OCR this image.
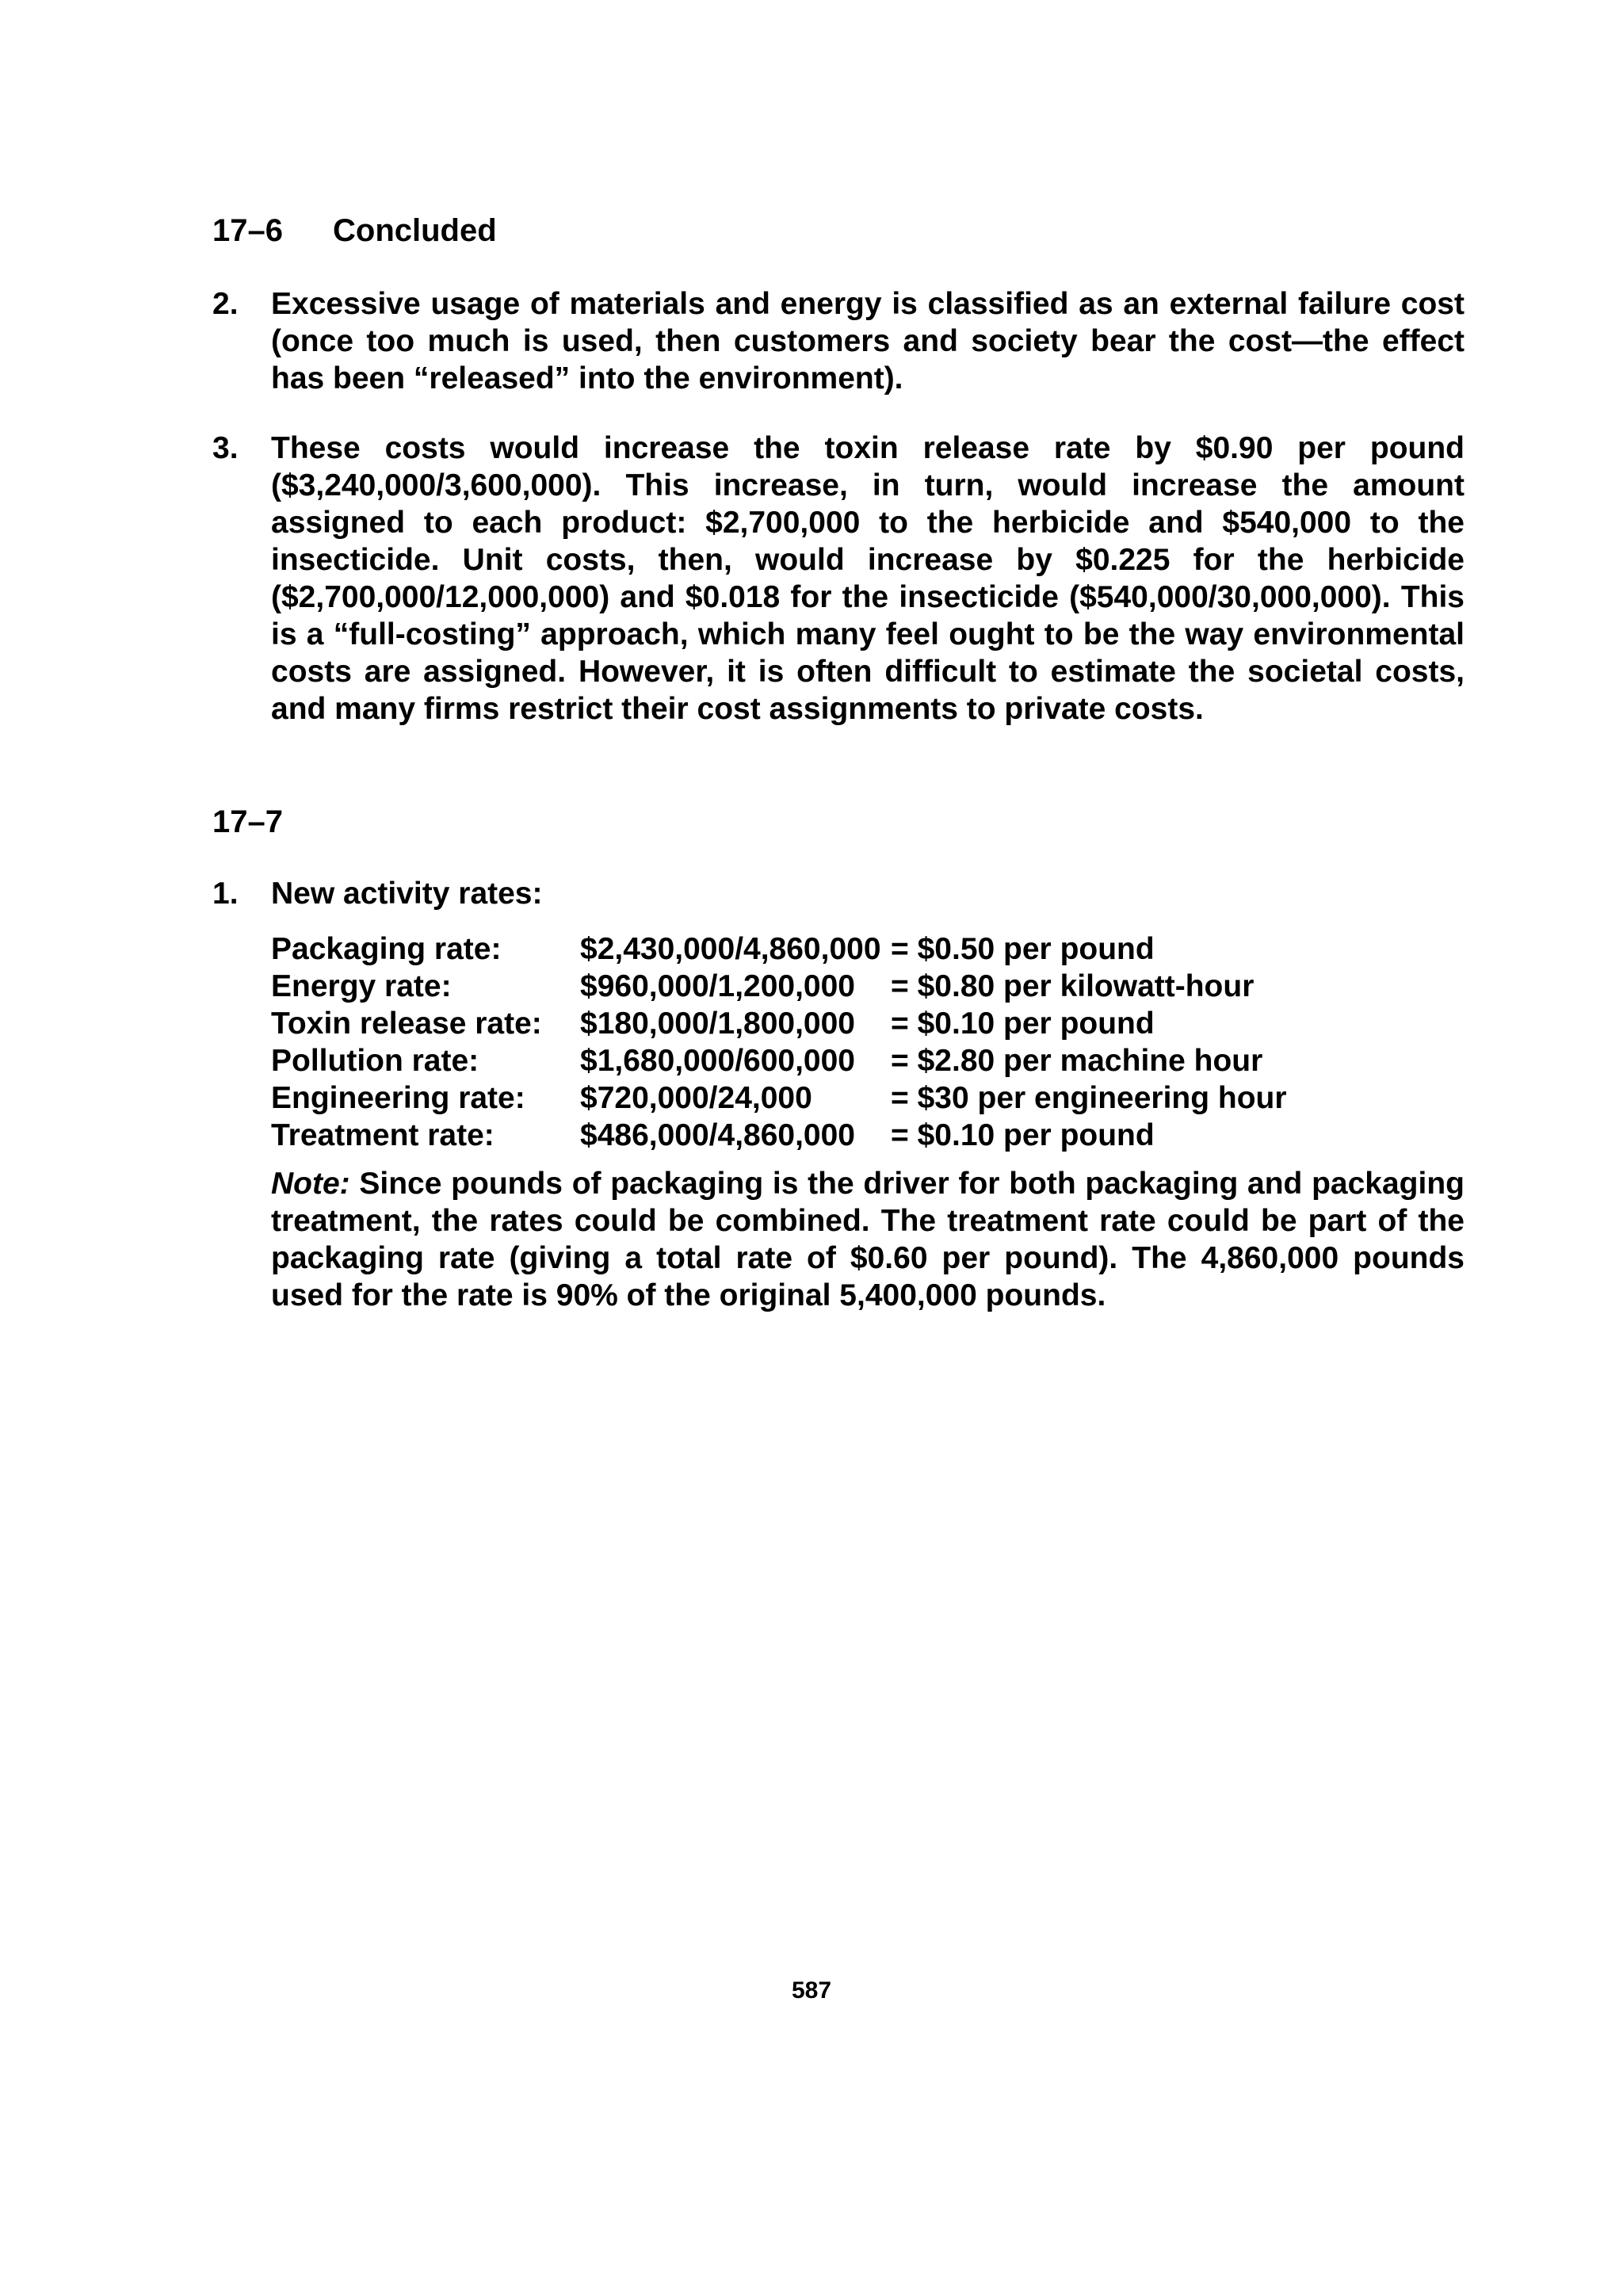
17–6 Concluded
2. Excessive usage of materials and energy is classified as an external failure cost (once too much is used, then customers and society bear the cost—the effect has been “released” into the environment).
3. These costs would increase the toxin release rate by $0.90 per pound ($3,240,000/3,600,000). This increase, in turn, would increase the amount assigned to each product: $2,700,000 to the herbicide and $540,000 to the insecticide. Unit costs, then, would increase by $0.225 for the herbicide ($2,700,000/12,000,000) and $0.018 for the insecticide ($540,000/30,000,000). This is a “full-costing” approach, which many feel ought to be the way environmental costs are assigned. However, it is often difficult to estimate the societal costs, and many firms restrict their cost assignments to private costs.
17–7
1. New activity rates:
Packaging rate:	$2,430,000/4,860,000	= $0.50 per pound
Energy rate:	$960,000/1,200,000	= $0.80 per kilowatt-hour
Toxin release rate:	$180,000/1,800,000	= $0.10 per pound
Pollution rate:	$1,680,000/600,000	= $2.80 per machine hour
Engineering rate:	$720,000/24,000	= $30 per engineering hour
Treatment rate:	$486,000/4,860,000	= $0.10 per pound
Note: Since pounds of packaging is the driver for both packaging and packaging treatment, the rates could be combined. The treatment rate could be part of the packaging rate (giving a total rate of $0.60 per pound). The 4,860,000 pounds used for the rate is 90% of the original 5,400,000 pounds.
587
